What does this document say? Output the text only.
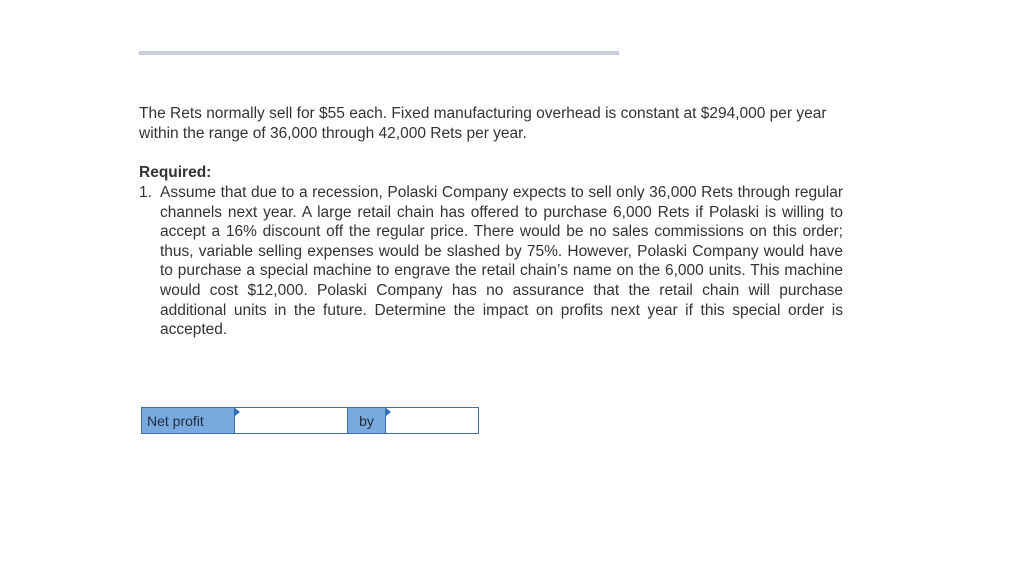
The Rets normally sell for $55 each. Fixed manufacturing overhead is constant at $294,000 per year within the range of 36,000 through 42,000 Rets per year.

Required:
1. Assume that due to a recession, Polaski Company expects to sell only 36,000 Rets through regular channels next year. A large retail chain has offered to purchase 6,000 Rets if Polaski is willing to accept a 16% discount off the regular price. There would be no sales commissions on this order; thus, variable selling expenses would be slashed by 75%. However, Polaski Company would have to purchase a special machine to engrave the retail chain’s name on the 6,000 units. This machine would cost $12,000. Polaski Company has no assurance that the retail chain will purchase additional units in the future. Determine the impact on profits next year if this special order is accepted.
Net profit	by
